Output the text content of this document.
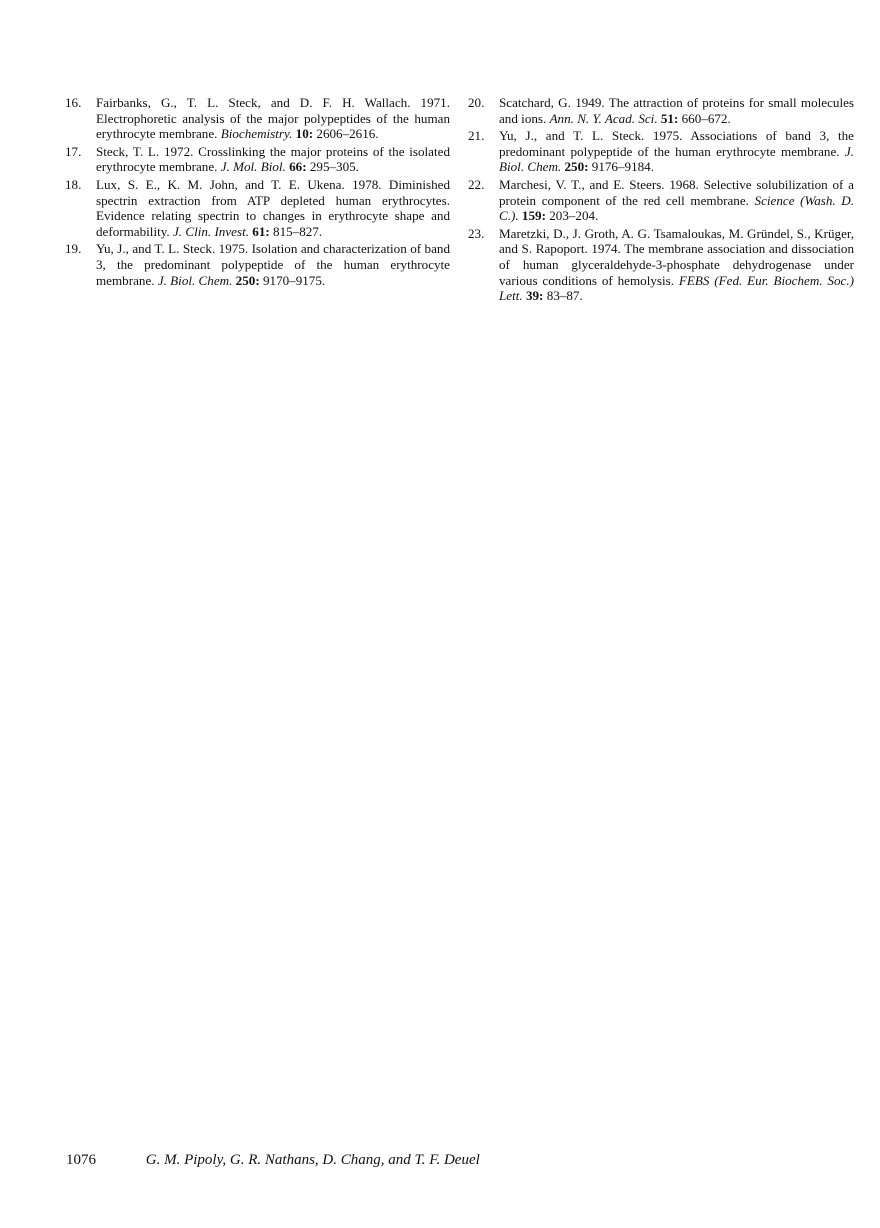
16.	Fairbanks, G., T. L. Steck, and D. F. H. Wallach. 1971. Electrophoretic analysis of the major polypeptides of the human erythrocyte membrane. Biochemistry. 10: 2606–2616.
17.	Steck, T. L. 1972. Crosslinking the major proteins of the isolated erythrocyte membrane. J. Mol. Biol. 66: 295–305.
18.	Lux, S. E., K. M. John, and T. E. Ukena. 1978. Diminished spectrin extraction from ATP depleted human erythrocytes. Evidence relating spectrin to changes in erythrocyte shape and deformability. J. Clin. Invest. 61: 815–827.
19.	Yu, J., and T. L. Steck. 1975. Isolation and characterization of band 3, the predominant polypeptide of the human erythrocyte membrane. J. Biol. Chem. 250: 9170–9175.
20.	Scatchard, G. 1949. The attraction of proteins for small molecules and ions. Ann. N. Y. Acad. Sci. 51: 660–672.
21.	Yu, J., and T. L. Steck. 1975. Associations of band 3, the predominant polypeptide of the human erythrocyte membrane. J. Biol. Chem. 250: 9176–9184.
22.	Marchesi, V. T., and E. Steers. 1968. Selective solubilization of a protein component of the red cell membrane. Science (Wash. D. C.). 159: 203–204.
23.	Maretzki, D., J. Groth, A. G. Tsamaloukas, M. Gründel, S., Krüger, and S. Rapoport. 1974. The membrane association and dissociation of human glyceraldehyde-3-phosphate dehydrogenase under various conditions of hemolysis. FEBS (Fed. Eur. Biochem. Soc.) Lett. 39: 83–87.
1076	G. M. Pipoly, G. R. Nathans, D. Chang, and T. F. Deuel
